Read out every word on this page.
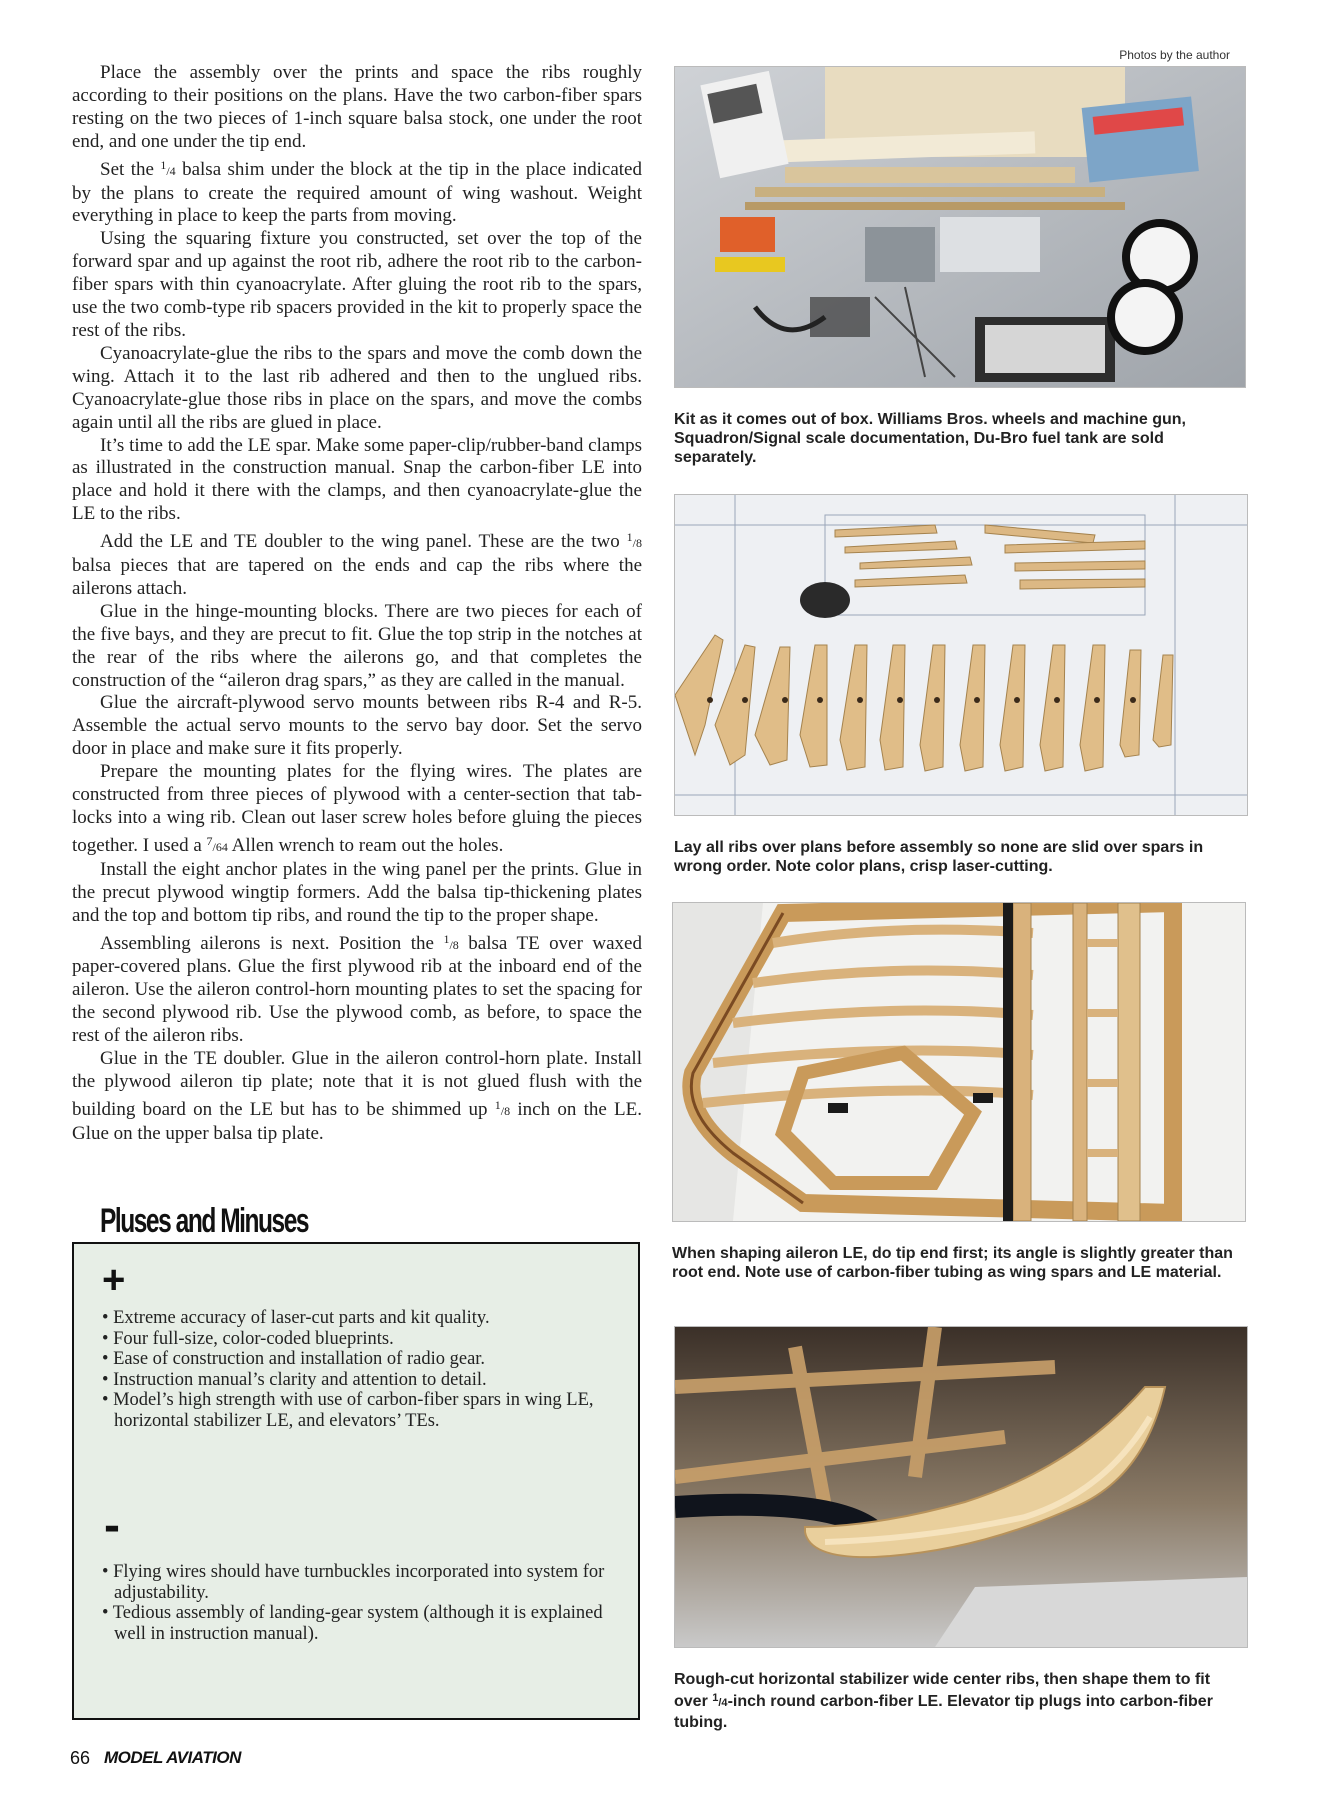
Photos by the author

Place the assembly over the prints and space the ribs roughly according to their positions on the plans. Have the two carbon-fiber spars resting on the two pieces of 1-inch square balsa stock, one under the root end, and one under the tip end.

Set the $^1$/4 balsa shim under the block at the tip in the place indicated by the plans to create the required amount of wing washout. Weight everything in place to keep the parts from moving.

Using the squaring fixture you constructed, set over the top of the forward spar and up against the root rib, adhere the root rib to the carbon-fiber spars with thin cyanoacrylate. After gluing the root rib to the spars, use the two comb-type rib spacers provided in the kit to properly space the rest of the ribs.

Cyanoacrylate-glue the ribs to the spars and move the comb down the wing. Attach it to the last rib adhered and then to the unglued ribs. Cyanoacrylate-glue those ribs in place on the spars, and move the combs again until all the ribs are glued in place.

It’s time to add the LE spar. Make some paper-clip/rubber-band clamps as illustrated in the construction manual. Snap the carbon-fiber LE into place and hold it there with the clamps, and then cyanoacrylate-glue the LE to the ribs.

Add the LE and TE doubler to the wing panel. These are the two $^1$/8 balsa pieces that are tapered on the ends and cap the ribs where the ailerons attach.

Glue in the hinge-mounting blocks. There are two pieces for each of the five bays, and they are precut to fit. Glue the top strip in the notches at the rear of the ribs where the ailerons go, and that completes the construction of the “aileron drag spars,” as they are called in the manual.

Glue the aircraft-plywood servo mounts between ribs R-4 and R-5. Assemble the actual servo mounts to the servo bay door. Set the servo door in place and make sure it fits properly.

Prepare the mounting plates for the flying wires. The plates are constructed from three pieces of plywood with a center-section that tab-locks into a wing rib. Clean out laser screw holes before gluing the pieces together. I used a $^7$/64 Allen wrench to ream out the holes.

Install the eight anchor plates in the wing panel per the prints. Glue in the precut plywood wingtip formers. Add the balsa tip-thickening plates and the top and bottom tip ribs, and round the tip to the proper shape.

Assembling ailerons is next. Position the $^1$/8 balsa TE over waxed paper-covered plans. Glue the first plywood rib at the inboard end of the aileron. Use the aileron control-horn mounting plates to set the spacing for the second plywood rib. Use the plywood comb, as before, to space the rest of the aileron ribs.

Glue in the TE doubler. Glue in the aileron control-horn plate. Install the plywood aileron tip plate; note that it is not glued flush with the building board on the LE but has to be shimmed up $^1$/8 inch on the LE. Glue on the upper balsa tip plate.

Pluses and Minuses
+
• Extreme accuracy of laser-cut parts and kit quality.
• Four full-size, color-coded blueprints.
• Ease of construction and installation of radio gear.
• Instruction manual’s clarity and attention to detail.
• Model’s high strength with use of carbon-fiber spars in wing LE, horizontal stabilizer LE, and elevators’ TEs.
-
• Flying wires should have turnbuckles incorporated into system for adjustability.
• Tedious assembly of landing-gear system (although it is explained well in instruction manual).
Kit as it comes out of box. Williams Bros. wheels and machine gun, Squadron/Signal scale documentation, Du-Bro fuel tank are sold separately.
Lay all ribs over plans before assembly so none are slid over spars in wrong order. Note color plans, crisp laser-cutting.
When shaping aileron LE, do tip end first; its angle is slightly greater than root end. Note use of carbon-fiber tubing as wing spars and LE material.
Rough-cut horizontal stabilizer wide center ribs, then shape them to fit over $^1$/4-inch round carbon-fiber LE. Elevator tip plugs into carbon-fiber tubing.
66 MODEL AVIATION
